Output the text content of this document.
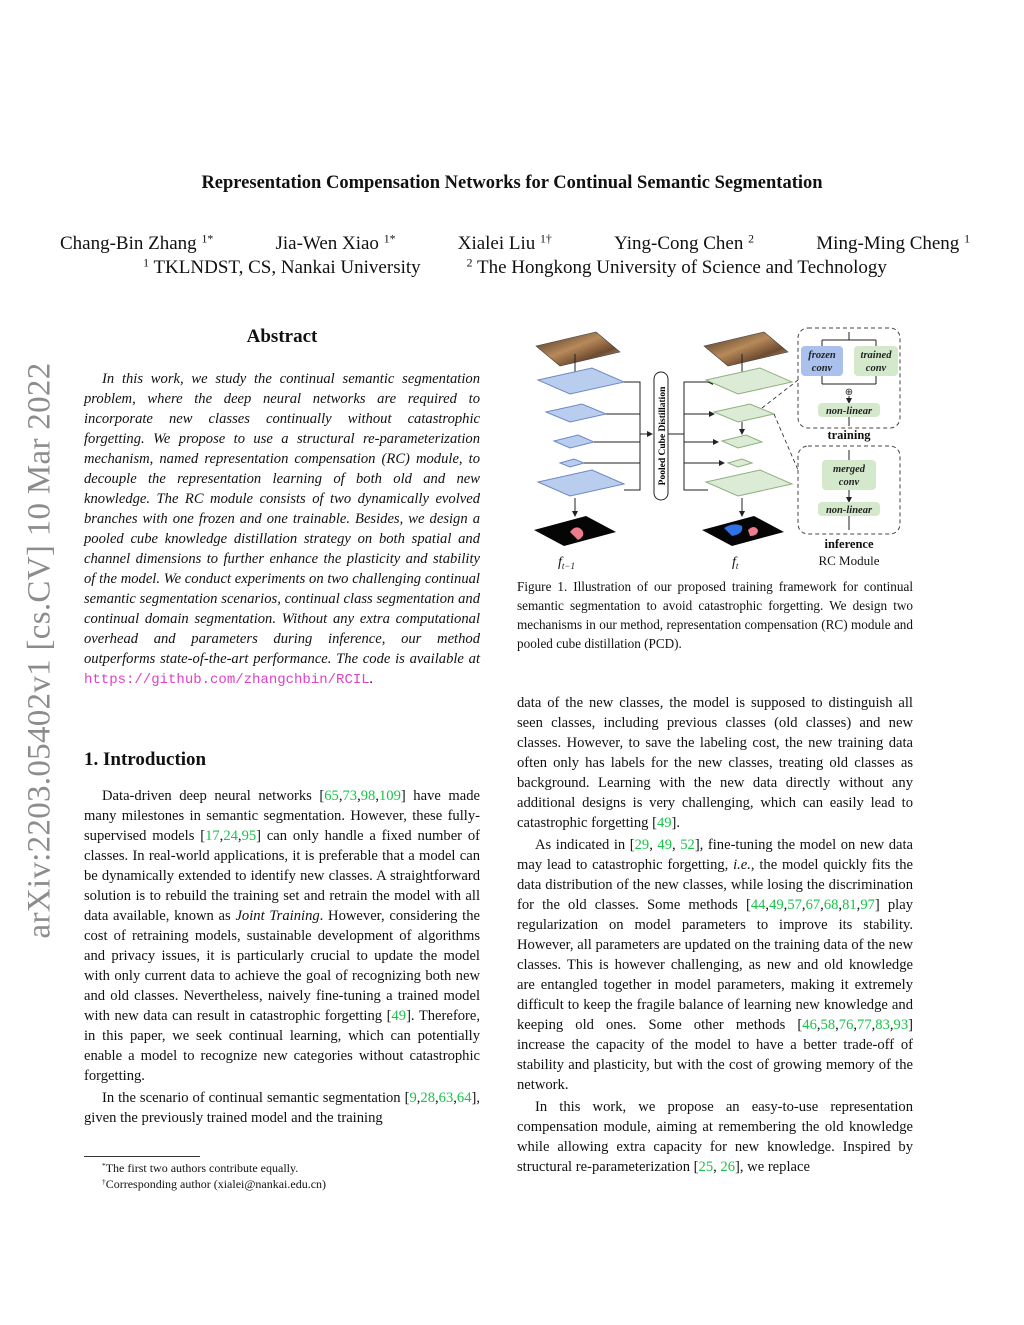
arXiv:2203.05402v1 [cs.CV] 10 Mar 2022
Representation Compensation Networks for Continual Semantic Segmentation
Chang-Bin Zhang $^{1*}$	Jia-Wen Xiao $^{1*}$	Xialei Liu $^{1\dagger}$	Ying-Cong Chen $^2$	Ming-Ming Cheng $^1$
$^1$ TKLNDST, CS, Nankai University	$^2$ The Hongkong University of Science and Technology
Abstract

In this work, we study the continual semantic segmentation problem, where the deep neural networks are required to incorporate new classes continually without catastrophic forgetting. We propose to use a structural re-parameterization mechanism, named representation compensation (RC) module, to decouple the representation learning of both old and new knowledge. The RC module consists of two dynamically evolved branches with one frozen and one trainable. Besides, we design a pooled cube knowledge distillation strategy on both spatial and channel dimensions to further enhance the plasticity and stability of the model. We conduct experiments on two challenging continual semantic segmentation scenarios, continual class segmentation and continual domain segmentation. Without any extra computational overhead and parameters during inference, our method outperforms state-of-the-art performance. The code is available at https://github.com/zhangchbin/RCIL.

1. Introduction

Data-driven deep neural networks [65,73,98,109] have made many milestones in semantic segmentation. However, these fully-supervised models [17,24,95] can only handle a fixed number of classes. In real-world applications, it is preferable that a model can be dynamically extended to identify new classes. A straightforward solution is to rebuild the training set and retrain the model with all data available, known as Joint Training. However, considering the cost of retraining models, sustainable development of algorithms and privacy issues, it is particularly crucial to update the model with only current data to achieve the goal of recognizing both new and old classes. Nevertheless, naively fine-tuning a trained model with new data can result in catastrophic forgetting [49]. Therefore, in this paper, we seek continual learning, which can potentially enable a model to recognize new categories without catastrophic forgetting.

In the scenario of continual semantic segmentation [9,28,63,64], given the previously trained model and the training

*The first two authors contribute equally.
†Corresponding author (xialei@nankai.edu.cn)
Pooled Cube Distillation
frozen
conv
trained
conv
⊕
non-linear
training
merged
conv
non-linear
inference
RC Module
$f_{t-1}$	$f_t$

Figure 1. Illustration of our proposed training framework for continual semantic segmentation to avoid catastrophic forgetting. We design two mechanisms in our method, representation compensation (RC) module and pooled cube distillation (PCD).

data of the new classes, the model is supposed to distinguish all seen classes, including previous classes (old classes) and new classes. However, to save the labeling cost, the new training data often only has labels for the new classes, treating old classes as background. Learning with the new data directly without any additional designs is very challenging, which can easily lead to catastrophic forgetting [49].

As indicated in [29, 49, 52], fine-tuning the model on new data may lead to catastrophic forgetting, i.e., the model quickly fits the data distribution of the new classes, while losing the discrimination for the old classes. Some methods [44,49,57,67,68,81,97] play regularization on model parameters to improve its stability. However, all parameters are updated on the training data of the new classes. This is however challenging, as new and old knowledge are entangled together in model parameters, making it extremely difficult to keep the fragile balance of learning new knowledge and keeping old ones. Some other methods [46,58,76,77,83,93] increase the capacity of the model to have a better trade-off of stability and plasticity, but with the cost of growing memory of the network.

In this work, we propose an easy-to-use representation compensation module, aiming at remembering the old knowledge while allowing extra capacity for new knowledge. Inspired by structural re-parameterization [25, 26], we replace
